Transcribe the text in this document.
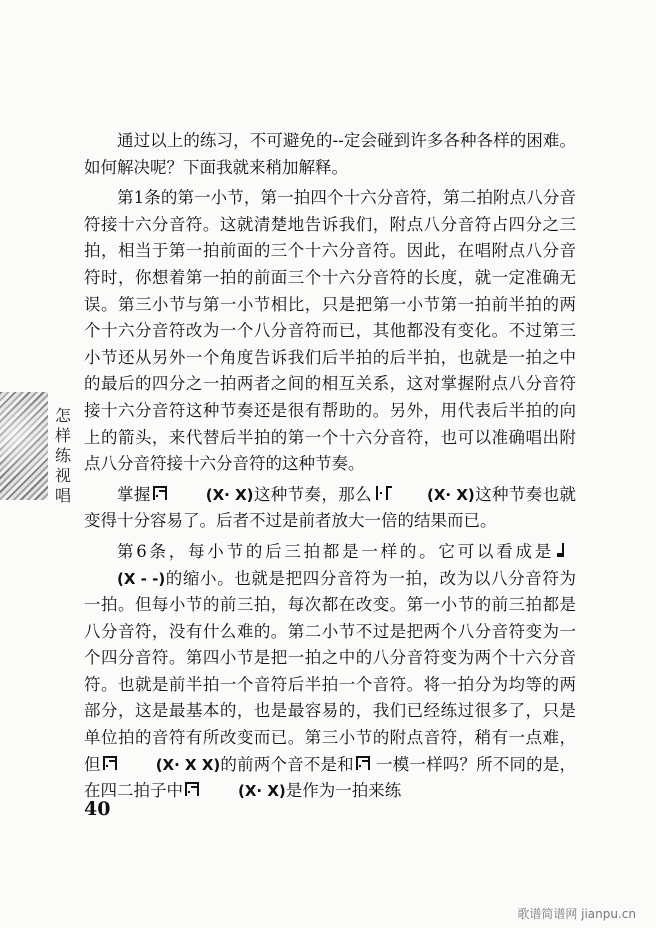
怎
样
练
视
唱

通过以上的练习，不可避免的--定会碰到许多各种各样的困难。如何解决呢？下面我就来稍加解释。

第1条的第一小节，第一拍四个十六分音符，第二拍附点八分音符接十六分音符。这就清楚地告诉我们，附点八分音符占四分之三拍，相当于第一拍前面的三个十六分音符。因此，在唱附点八分音符时，你想着第一拍的前面三个十六分音符的长度，就一定准确无误。第三小节与第一小节相比，只是把第一小节第一拍前半拍的两个十六分音符改为一个八分音符而已，其他都没有变化。不过第三小节还从另外一个角度告诉我们后半拍的后半拍，也就是一拍之中的最后的四分之一拍两者之间的相互关系，这对掌握附点八分音符接十六分音符这种节奏还是很有帮助的。另外，用代表后半拍的向上的箭头，来代替后半拍的第一个十六分音符，也可以准确唱出附点八分音符接十六分音符的这种节奏。

掌握	(X· X)这种节奏，那么	(X· X)这种节奏也就变得十分容易了。后者不过是前者放大一倍的结果而已。

第6条，每小节的后三拍都是一样的。它可以看成是
(X - -)的缩小。也就是把四分音符为一拍，改为以八分音符为一拍。但每小节的前三拍，每次都在改变。第一小节的前三拍都是八分音符，没有什么难的。第二小节不过是把两个八分音符变为一个四分音符。第四小节是把一拍之中的八分音符变为两个十六分音符。也就是前半拍一个音符后半拍一个音符。将一拍分为均等的两部分，这是最基本的，也是最容易的，我们已经练过很多了，只是单位拍的音符有所改变而已。第三小节的附点音符，稍有一点难，但	(X· X X)的前两个音不是和 一模一样吗？所不同的是，在四二拍子中	(X· X)是作为一拍来练

40
歌谱简谱网 jianpu.cn
